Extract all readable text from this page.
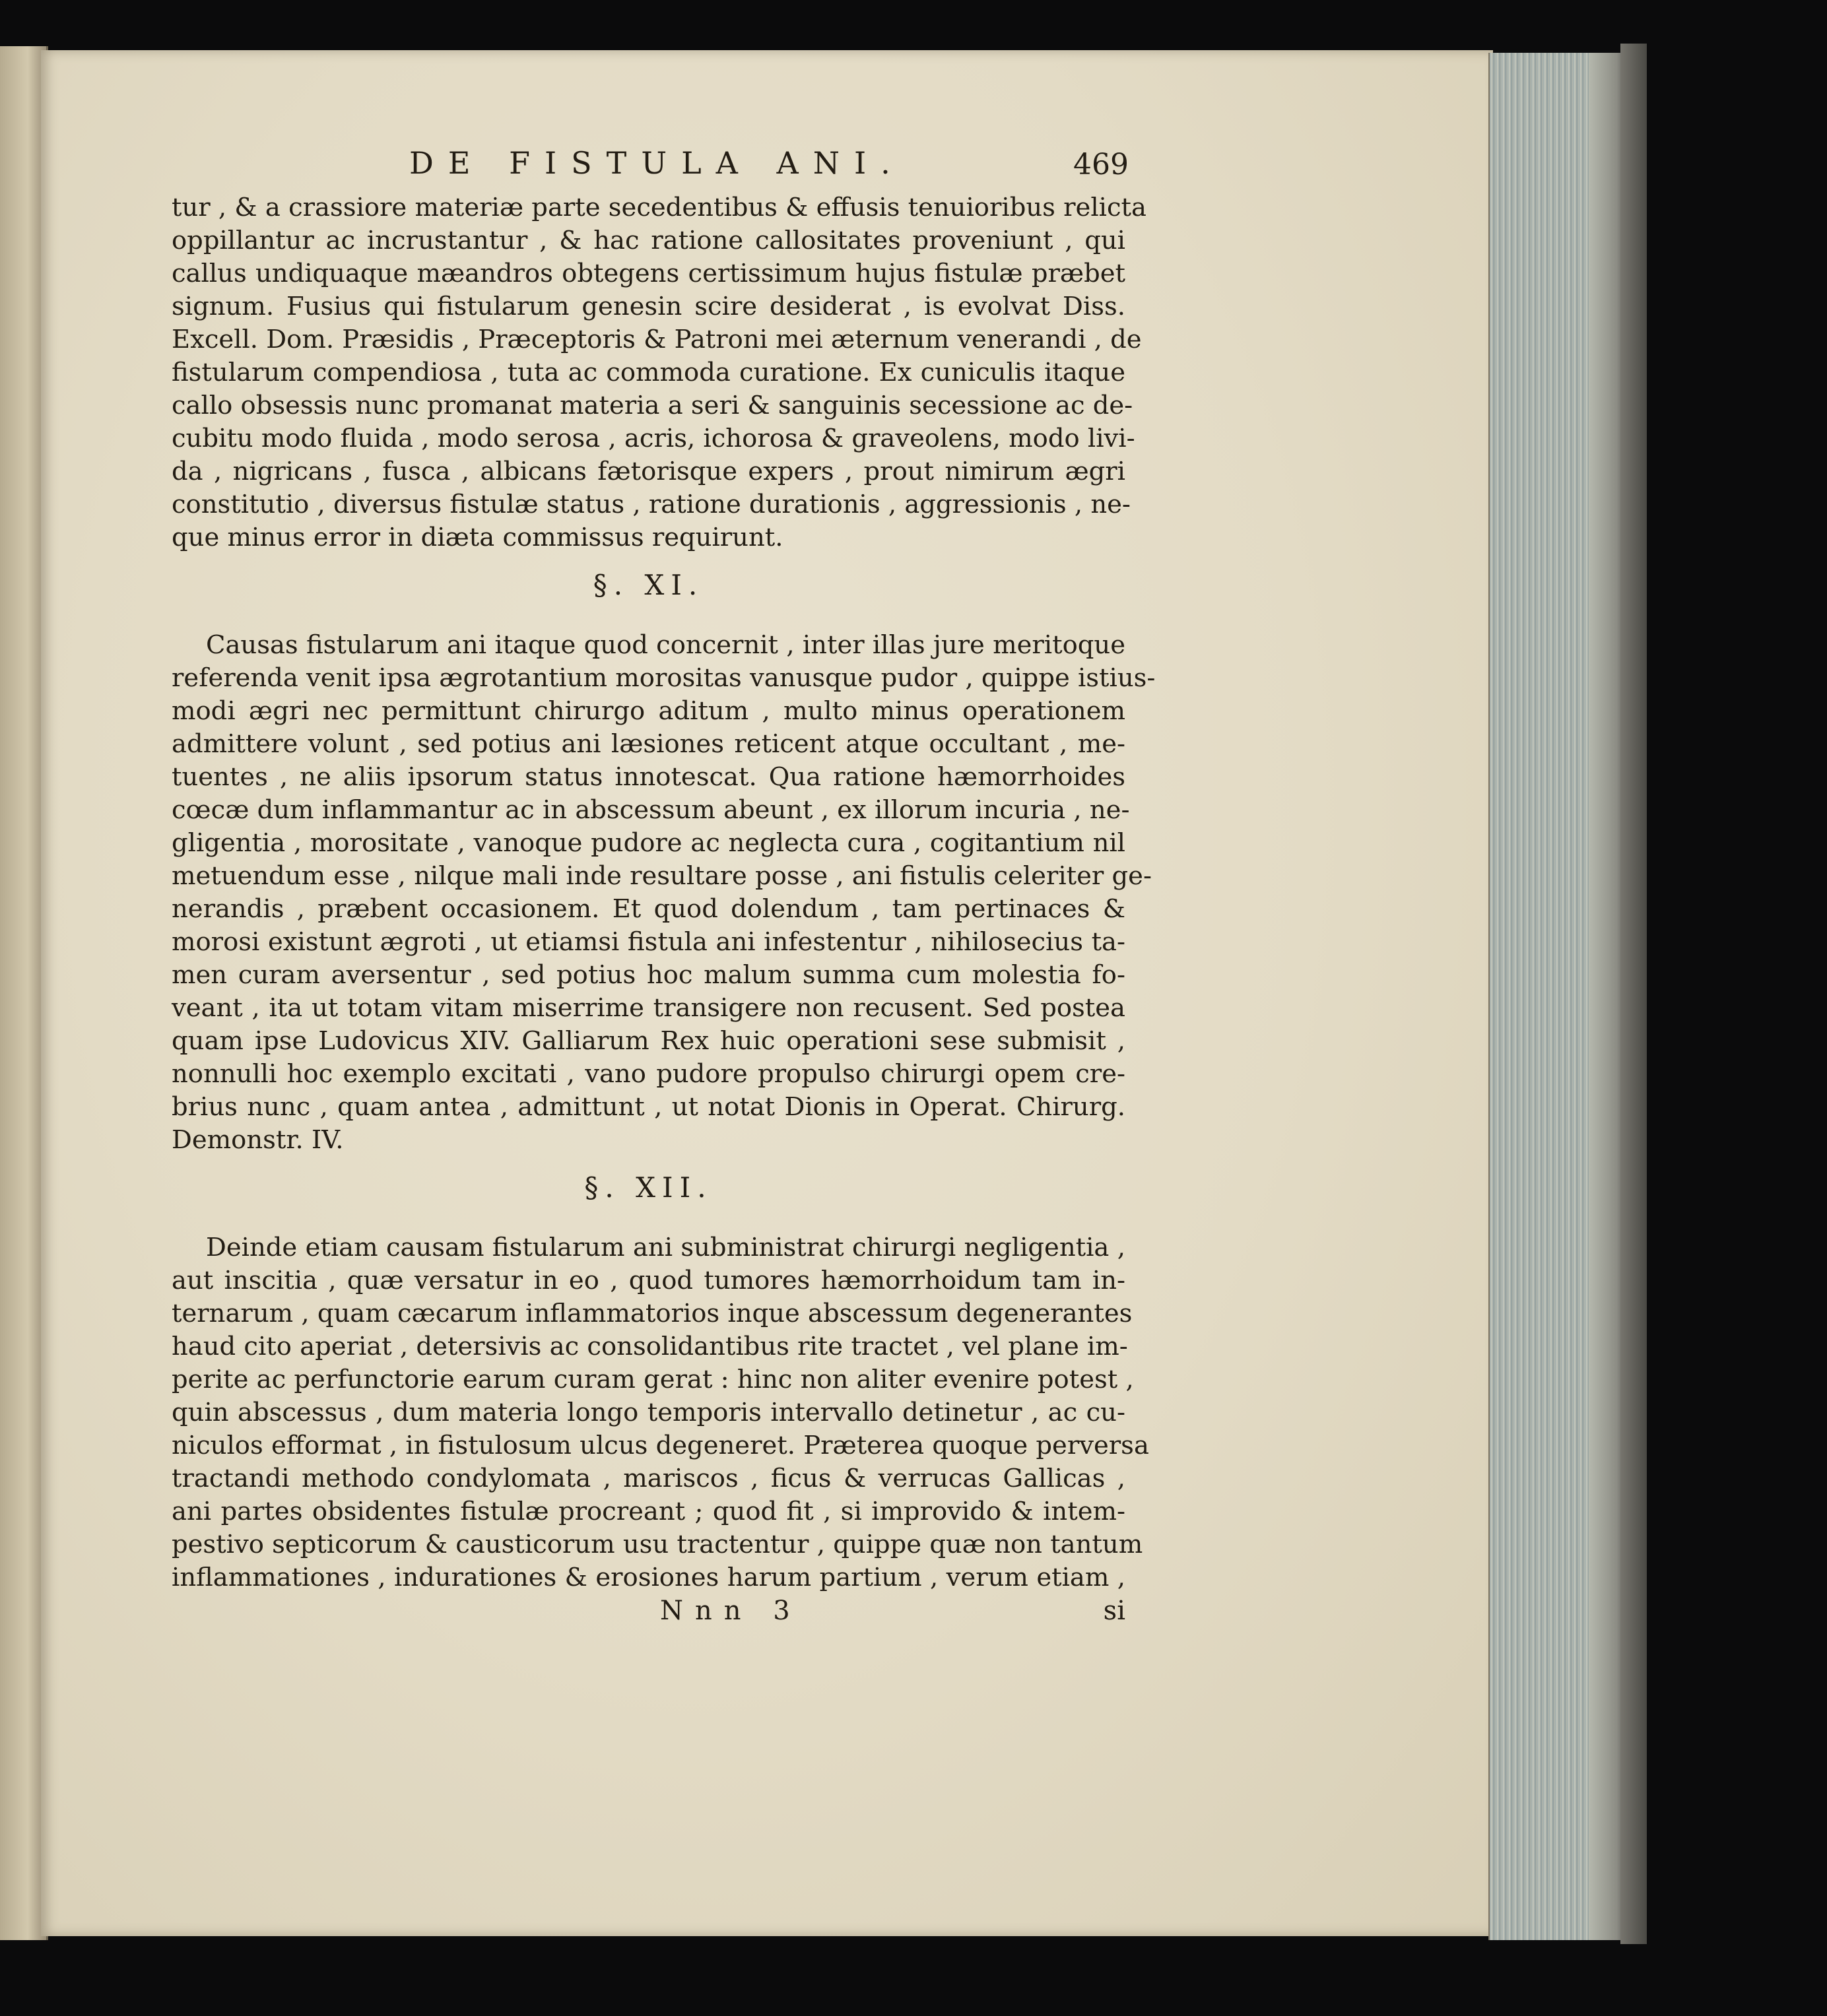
DE FISTULA ANI.	469

tur , & a crassiore materiæ parte secedentibus & effusis tenuioribus relicta
oppillantur ac incrustantur , & hac ratione callositates proveniunt , qui
callus undiquaque mæandros obtegens certissimum hujus fistulæ præbet
signum. Fusius qui fistularum genesin scire desiderat , is evolvat Diss.
Excell. Dom. Præsidis , Præceptoris & Patroni mei æternum venerandi , de
fistularum compendiosa , tuta ac commoda curatione. Ex cuniculis itaque
callo obsessis nunc promanat materia a seri & sanguinis secessione ac de-
cubitu modo fluida , modo serosa , acris, ichorosa & graveolens, modo livi-
da , nigricans , fusca , albicans fætorisque expers , prout nimirum ægri
constitutio , diversus fistulæ status , ratione durationis , aggressionis , ne-
que minus error in diæta commissus requirunt.

§. XI.

Causas fistularum ani itaque quod concernit , inter illas jure meritoque
referenda venit ipsa ægrotantium morositas vanusque pudor , quippe istius-
modi ægri nec permittunt chirurgo aditum , multo minus operationem
admittere volunt , sed potius ani læsiones reticent atque occultant , me-
tuentes , ne aliis ipsorum status innotescat. Qua ratione hæmorrhoides
cœcæ dum inflammantur ac in abscessum abeunt , ex illorum incuria , ne-
gligentia , morositate , vanoque pudore ac neglecta cura , cogitantium nil
metuendum esse , nilque mali inde resultare posse , ani fistulis celeriter ge-
nerandis , præbent occasionem. Et quod dolendum , tam pertinaces &
morosi existunt ægroti , ut etiamsi fistula ani infestentur , nihilosecius ta-
men curam aversentur , sed potius hoc malum summa cum molestia fo-
veant , ita ut totam vitam miserrime transigere non recusent. Sed postea
quam ipse Ludovicus XIV. Galliarum Rex huic operationi sese submisit ,
nonnulli hoc exemplo excitati , vano pudore propulso chirurgi opem cre-
brius nunc , quam antea , admittunt , ut notat Dionis in Operat. Chirurg.
Demonstr. IV.

§. XII.

Deinde etiam causam fistularum ani subministrat chirurgi negligentia ,
aut inscitia , quæ versatur in eo , quod tumores hæmorrhoidum tam in-
ternarum , quam cæcarum inflammatorios inque abscessum degenerantes
haud cito aperiat , detersivis ac consolidantibus rite tractet , vel plane im-
perite ac perfunctorie earum curam gerat : hinc non aliter evenire potest ,
quin abscessus , dum materia longo temporis intervallo detinetur , ac cu-
niculos efformat , in fistulosum ulcus degeneret. Præterea quoque perversa
tractandi methodo condylomata , mariscos , ficus & verrucas Gallicas ,
ani partes obsidentes fistulæ procreant ; quod fit , si improvido & intem-
pestivo septicorum & causticorum usu tractentur , quippe quæ non tantum
inflammationes , indurationes & erosiones harum partium , verum etiam ,

Nnn 3	si
